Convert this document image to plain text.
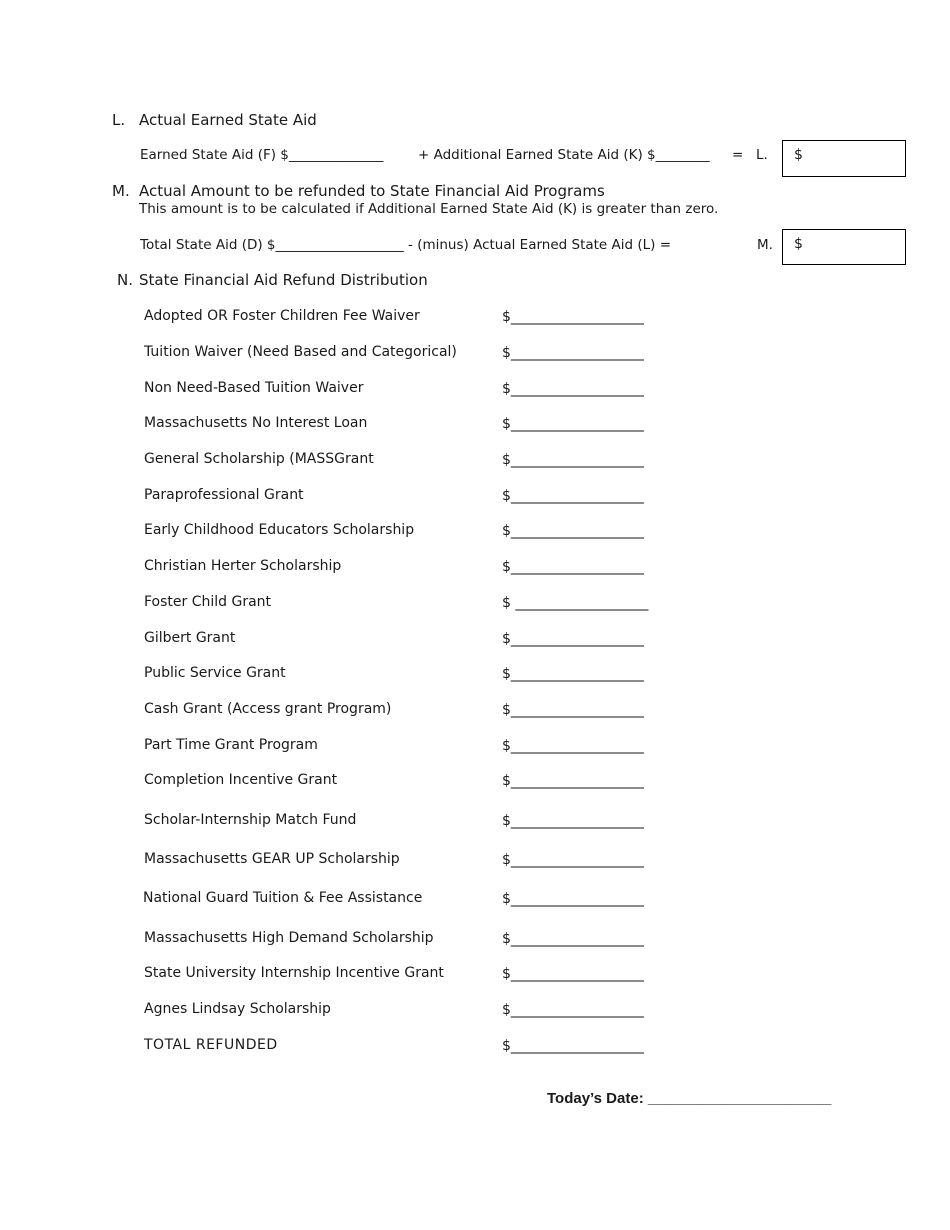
L. Actual Earned State Aid
Earned State Aid (F) $______________	+ Additional Earned State Aid (K) $________ = L. $
M. Actual Amount to be refunded to State Financial Aid Programs
This amount is to be calculated if Additional Earned State Aid (K) is greater than zero.
Total State Aid (D) $___________________ - (minus) Actual Earned State Aid (L) =	M. $
N. State Financial Aid Refund Distribution
Adopted OR Foster Children Fee Waiver	$___________________
Tuition Waiver (Need Based and Categorical)	$___________________
Non Need-Based Tuition Waiver	$___________________
Massachusetts No Interest Loan	$___________________
General Scholarship (MASSGrant	$___________________
Paraprofessional Grant	$___________________
Early Childhood Educators Scholarship	$___________________
Christian Herter Scholarship	$___________________
Foster Child Grant	$ ___________________
Gilbert Grant	$___________________
Public Service Grant	$___________________
Cash Grant (Access grant Program)	$___________________
Part Time Grant Program	$___________________
Completion Incentive Grant	$___________________
Scholar-Internship Match Fund	$___________________
Massachusetts GEAR UP Scholarship	$___________________
National Guard Tuition & Fee Assistance	$___________________
Massachusetts High Demand Scholarship	$___________________
State University Internship Incentive Grant	$___________________
Agnes Lindsay Scholarship	$___________________
TOTAL REFUNDED	$___________________
Today’s Date: ______________________
